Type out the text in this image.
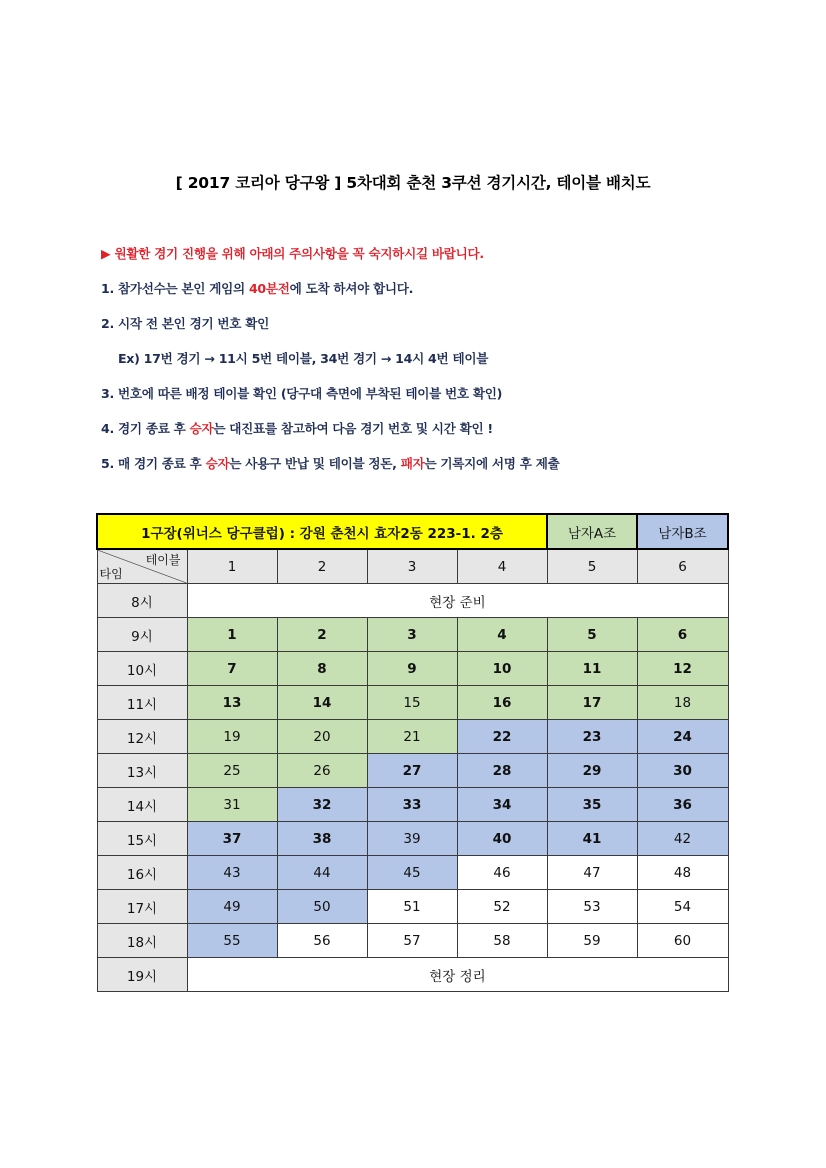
[ 2017 코리아 당구왕 ] 5차대회 춘천 3쿠션 경기시간, 테이블 배치도
▶ 원활한 경기 진행을 위해 아래의 주의사항을 꼭 숙지하시길 바랍니다.
1. 참가선수는 본인 게임의 40분전에 도착 하셔야 합니다.
2. 시작 전 본인 경기 번호 확인
Ex) 17번 경기 → 11시 5번 테이블, 34번 경기 → 14시 4번 테이블
3. 번호에 따른 배정 테이블 확인 (당구대 측면에 부착된 테이블 번호 확인)
4. 경기 종료 후 승자는 대진표를 참고하여 다음 경기 번호 및 시간 확인 !
5. 매 경기 종료 후 승자는 사용구 반납 및 테이블 정돈, 패자는 기록지에 서명 후 제출
1구장(위너스 당구클럽) : 강원 춘천시 효자2동 223-1. 2층					남자A조	남자B조

테이블
타임	1	2	3	4	5	6
8시	현장 준비					
9시	1	2	3	4	5	6
10시	7	8	9	10	11	12
11시	13	14	15	16	17	18
12시	19	20	21	22	23	24
13시	25	26	27	28	29	30
14시	31	32	33	34	35	36
15시	37	38	39	40	41	42
16시	43	44	45	46	47	48
17시	49	50	51	52	53	54
18시	55	56	57	58	59	60
19시	현장 정리					
